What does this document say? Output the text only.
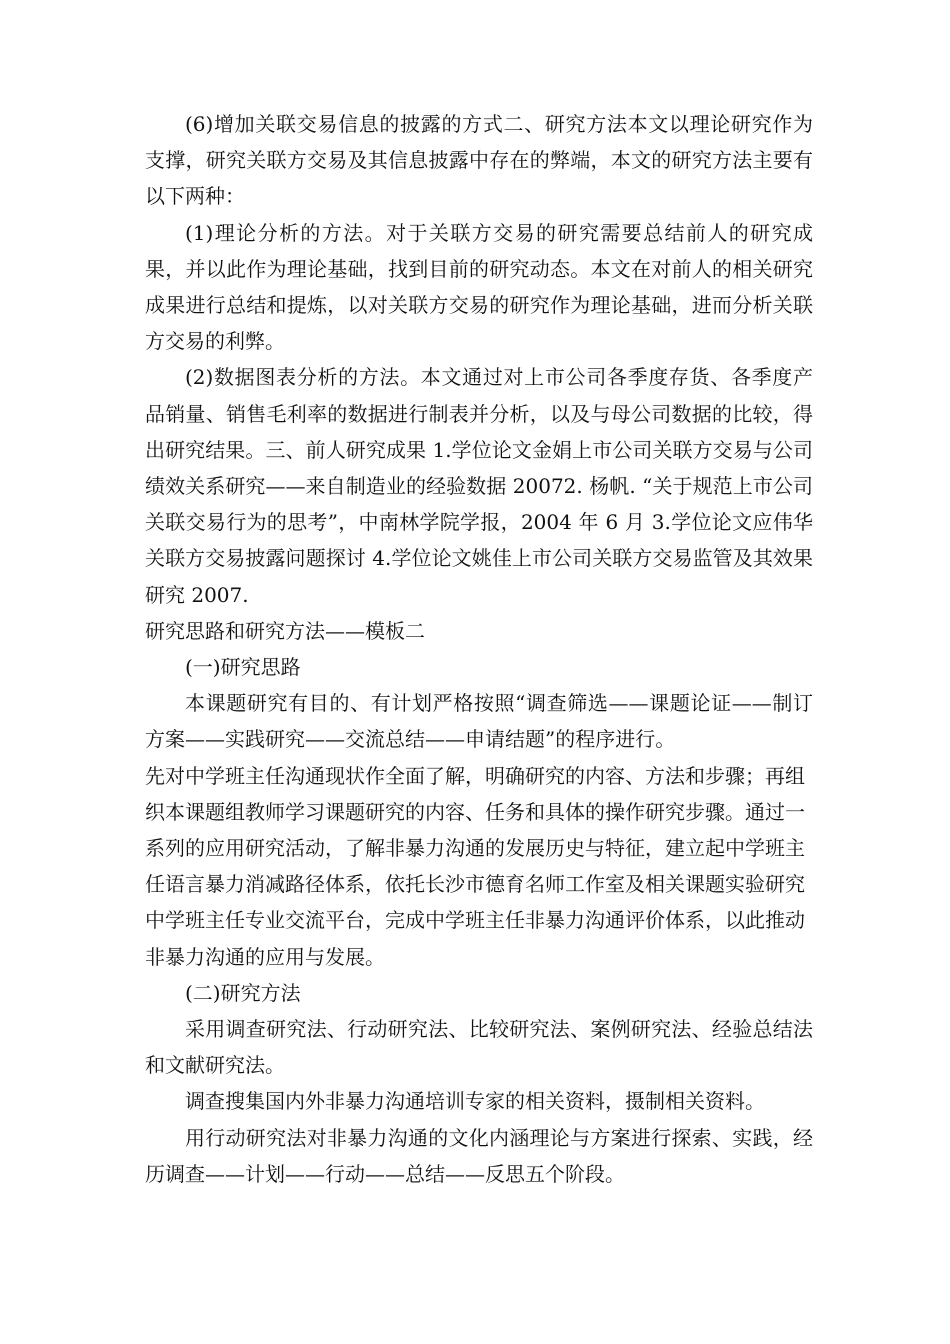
(6)增加关联交易信息的披露的方式二、研究方法本文以理论研究作为支撑，研究关联方交易及其信息披露中存在的弊端，本文的研究方法主要有以下两种：

(1)理论分析的方法。对于关联方交易的研究需要总结前人的研究成果，并以此作为理论基础，找到目前的研究动态。本文在对前人的相关研究成果进行总结和提炼，以对关联方交易的研究作为理论基础，进而分析关联方交易的利弊。

(2)数据图表分析的方法。本文通过对上市公司各季度存货、各季度产品销量、销售毛利率的数据进行制表并分析，以及与母公司数据的比较，得出研究结果。三、前人研究成果 1.学位论文金娟上市公司关联方交易与公司绩效关系研究——来自制造业的经验数据 20072. 杨帆. “关于规范上市公司关联交易行为的思考”，中南林学院学报，2004 年 6 月 3.学位论文应伟华关联方交易披露问题探讨 4.学位论文姚佳上市公司关联方交易监管及其效果研究 2007.

研究思路和研究方法——模板二

(一)研究思路

本课题研究有目的、有计划严格按照“调查筛选——课题论证——制订方案——实践研究——交流总结——申请结题”的程序进行。

先对中学班主任沟通现状作全面了解，明确研究的内容、方法和步骤；再组织本课题组教师学习课题研究的内容、任务和具体的操作研究步骤。通过一系列的应用研究活动，了解非暴力沟通的发展历史与特征，建立起中学班主任语言暴力消减路径体系，依托长沙市德育名师工作室及相关课题实验研究中学班主任专业交流平台，完成中学班主任非暴力沟通评价体系，以此推动非暴力沟通的应用与发展。

(二)研究方法

采用调查研究法、行动研究法、比较研究法、案例研究法、经验总结法和文献研究法。

调查搜集国内外非暴力沟通培训专家的相关资料，摄制相关资料。

用行动研究法对非暴力沟通的文化内涵理论与方案进行探索、实践，经历调查——计划——行动——总结——反思五个阶段。
